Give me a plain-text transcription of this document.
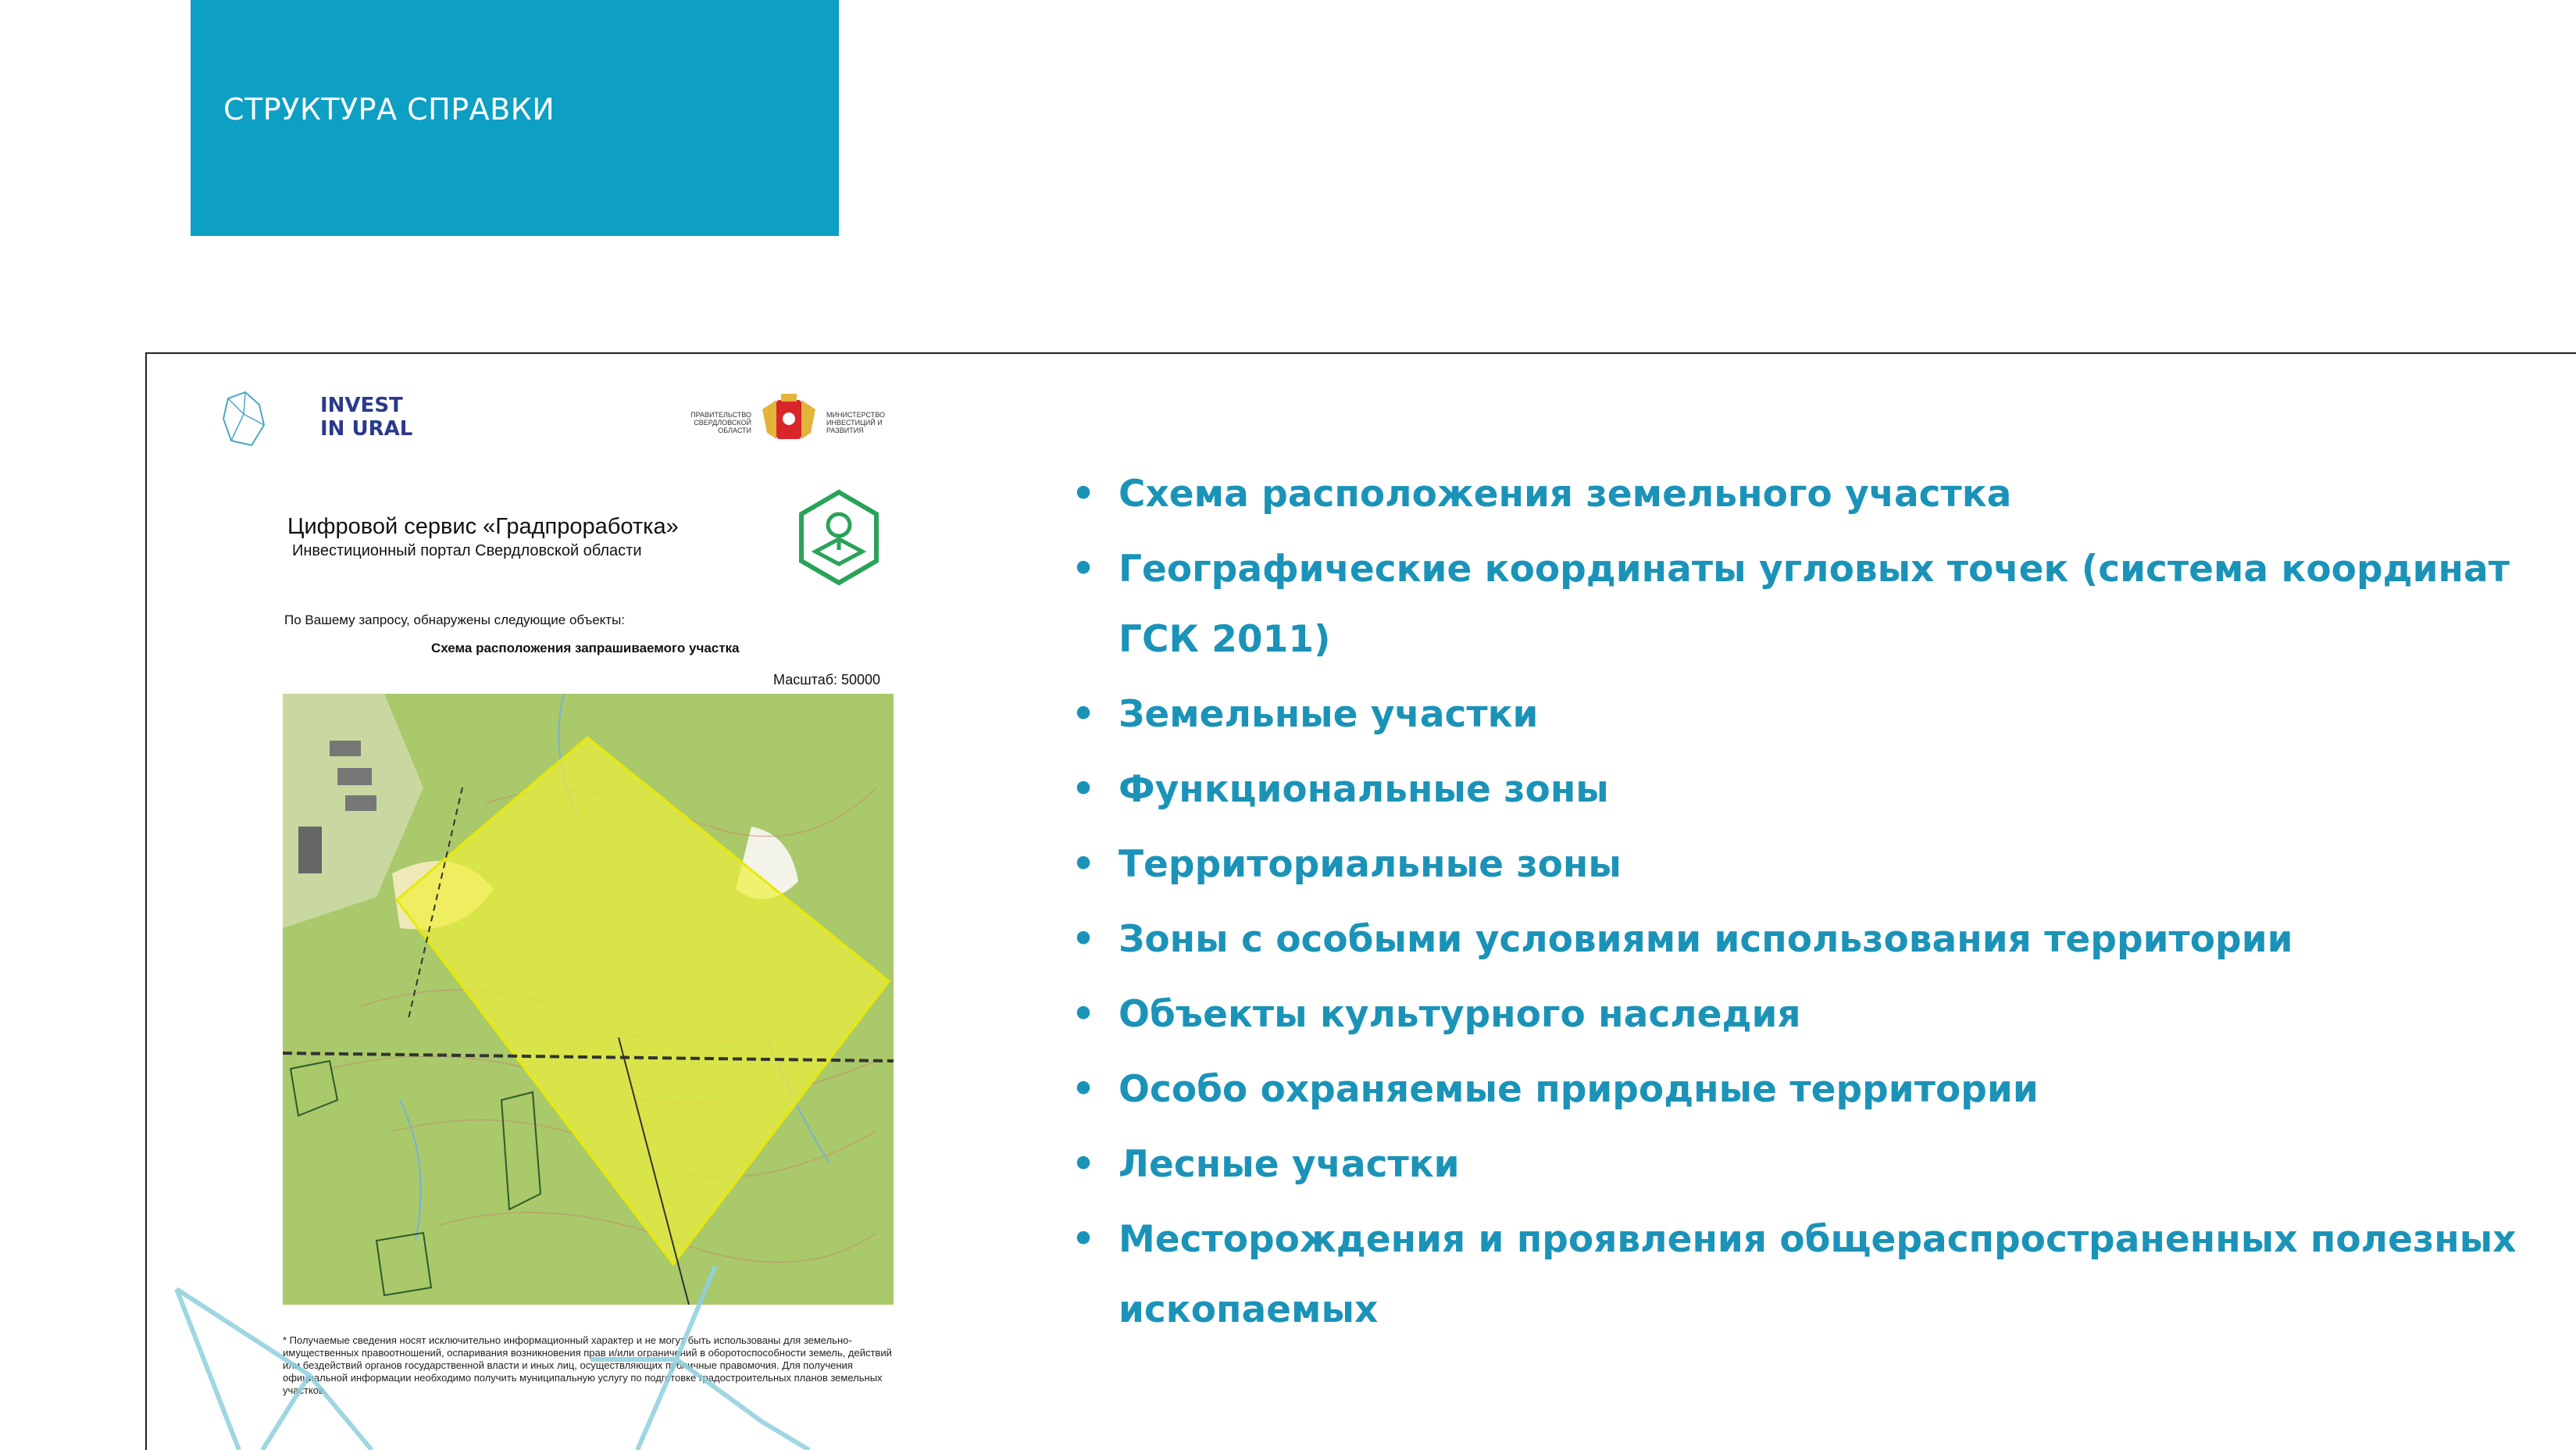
СТРУКТУРА СПРАВКИ
INVEST
IN URAL
ПРАВИТЕЛЬСТВО СВЕРДЛОВСКОЙ ОБЛАСТИ
МИНИСТЕРСТВО ИНВЕСТИЦИЙ И РАЗВИТИЯ
Цифровой сервис «Градпроработка»
Инвестиционный портал Свердловской области
По Вашему запросу, обнаружены следующие объекты:
Схема расположения запрашиваемого участка
Масштаб: 50000
* Получаемые сведения носят исключительно информационный характер и не могут быть использованы для земельно-имущественных правоотношений, оспаривания возникновения прав и/или ограничений в оборотоспособности земель, действий или бездействий органов государственной власти и иных лиц, осуществляющих публичные правомочия. Для получения официальной информации необходимо получить муниципальную услугу по подготовке градостроительных планов земельных участков.
• Схема расположения земельного участка
• Географические координаты угловых точек (система координат ГСК 2011)
• Земельные участки
• Функциональные зоны
• Территориальные зоны
• Зоны с особыми условиями использования территории
• Объекты культурного наследия
• Особо охраняемые природные территории
• Лесные участки
• Месторождения и проявления общераспространенных полезных ископаемых
